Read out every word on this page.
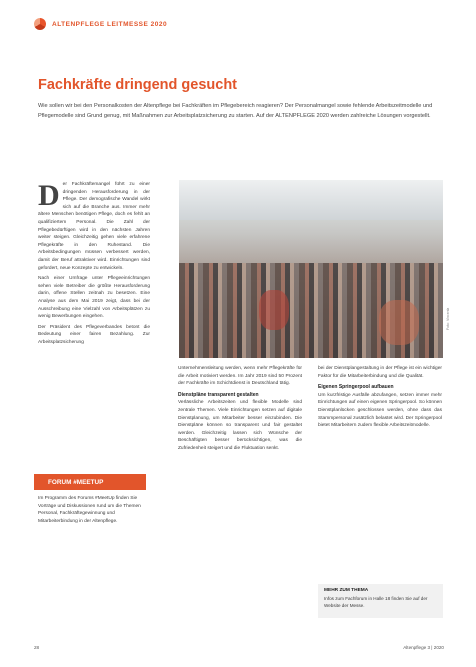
ALTENPFLEGE LEITMESSE 2020
Fachkräfte dringend gesucht

Wie sollen wir bei den Personalkosten der Altenpflege bei Fachkräften im Pflegebereich reagieren? Der Personalmangel sowie fehlende Arbeitszeitmodelle und Pflegemodelle sind Grund genug, mit Maßnahmen zur Arbeitsplatzsicherung zu starten. Auf der ALTENPFLEGE 2020 werden zahlreiche Lösungen vorgestellt.

D er Fachkräftemangel führt zu einer dringenden Herausforderung in der Pflege. Der demografische Wandel wirkt sich auf die Branche aus. Immer mehr ältere Menschen benötigen Pflege, doch es fehlt an qualifiziertem Personal. Die Zahl der Pflegebedürftigen wird in den nächsten Jahren weiter steigen. Gleichzeitig gehen viele erfahrene Pflegekräfte in den Ruhestand. Die Arbeitsbedingungen müssen verbessert werden, damit der Beruf attraktiver wird. Einrichtungen sind gefordert, neue Konzepte zu entwickeln.

Nach einer Umfrage unter Pflegeeinrichtungen sehen viele Betreiber die größte Herausforderung darin, offene Stellen zeitnah zu besetzen. Eine Analyse aus dem Mai 2019 zeigt, dass bei der Ausschreibung eine Vielzahl von Arbeitsplätzen zu wenig Bewerbungen eingehen.

Der Präsident des Pflegeverbandes betont die Bedeutung einer fairen Bezahlung. Zur Arbeitsplatzsicherung

Foto: Vincentz

Unternehmensleitung werden, wenn mehr Pflegekräfte für die Arbeit motiviert werden. Im Jahr 2019 sind 50 Prozent der Fachkräfte im Schichtdienst in Deutschland tätig.

Dienstpläne transparent gestalten

Verlässliche Arbeitszeiten und flexible Modelle sind zentrale Themen. Viele Einrichtungen setzen auf digitale Dienstplanung, um Mitarbeiter besser einzubinden. Die Dienstpläne können so transparent und fair gestaltet werden. Gleichzeitig lassen sich Wünsche der Beschäftigten besser berücksichtigen, was die Zufriedenheit steigert und die Fluktuation senkt.

bei der Dienstplangestaltung in der Pflege ist ein wichtiger Faktor für die Mitarbeiterbindung und die Qualität.

Eigenen Springerpool aufbauen

Um kurzfristige Ausfälle abzufangen, setzen immer mehr Einrichtungen auf einen eigenen Springerpool. So können Dienstplanlücken geschlossen werden, ohne dass das Stammpersonal zusätzlich belastet wird. Der Springerpool bietet Mitarbeitern zudem flexible Arbeitszeitmodelle.

FORUM #MEETUP

Im Programm des Forums #MeetUp finden Sie Vorträge und Diskussionen rund um die Themen Personal, Fachkräftegewinnung und Mitarbeiterbindung in der Altenpflege.

MEHR ZUM THEMA
Infos zum Fachforum in Halle 18 finden Sie auf der Website der Messe.
28	Altenpflege 3 | 2020
